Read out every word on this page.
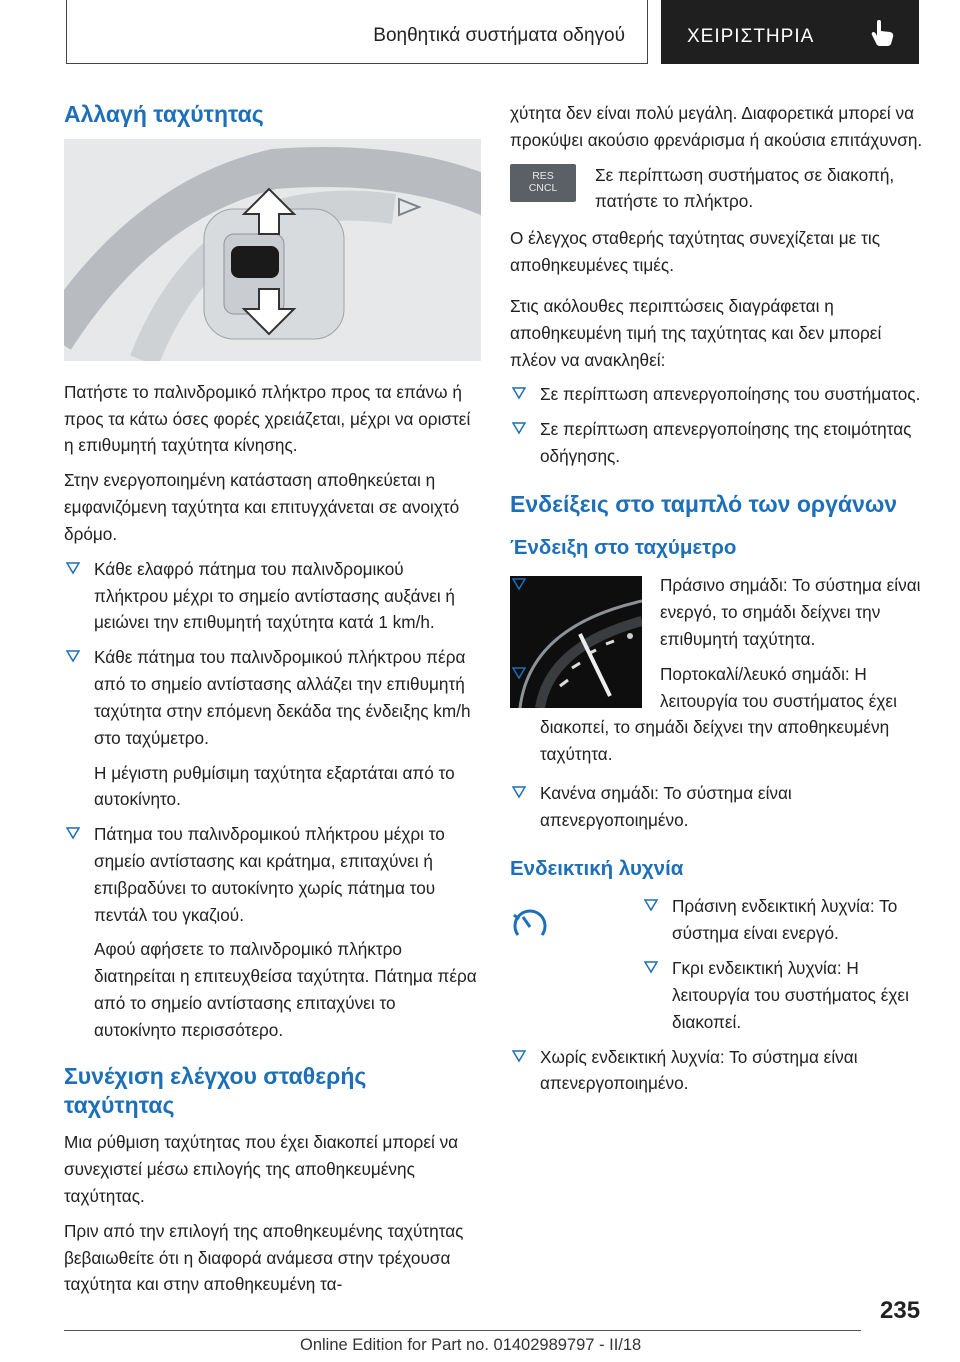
Βοηθητικά συστήματα οδηγού	ΧΕΙΡΙΣΤΗΡΙΑ
Αλλαγή ταχύτητας

Πατήστε το παλινδρομικό πλήκτρο προς τα επάνω ή προς τα κάτω όσες φορές χρειάζεται, μέχρι να οριστεί η επιθυμητή ταχύτητα κίνησης.

Στην ενεργοποιημένη κατάσταση αποθηκεύεται η εμφανιζόμενη ταχύτητα και επιτυγχάνεται σε ανοιχτό δρόμο.

Κάθε ελαφρό πάτημα του παλινδρομικού πλήκτρου μέχρι το σημείο αντίστασης αυξάνει ή μειώνει την επιθυμητή ταχύτητα κατά 1 km/h.
Κάθε πάτημα του παλινδρομικού πλήκτρου πέρα από το σημείο αντίστασης αλλάζει την επιθυμητή ταχύτητα στην επόμενη δεκάδα της ένδειξης km/h στο ταχύμετρο.

Η μέγιστη ρυθμίσιμη ταχύτητα εξαρτάται από το αυτοκίνητο.

Πάτημα του παλινδρομικού πλήκτρου μέχρι το σημείο αντίστασης και κράτημα, επιταχύνει ή επιβραδύνει το αυτοκίνητο χωρίς πάτημα του πεντάλ του γκαζιού.

Αφού αφήσετε το παλινδρομικό πλήκτρο διατηρείται η επιτευχθείσα ταχύτητα. Πάτημα πέρα από το σημείο αντίστασης επιταχύνει το αυτοκίνητο περισσότερο.

Συνέχιση ελέγχου σταθερής ταχύτητας

Μια ρύθμιση ταχύτητας που έχει διακοπεί μπορεί να συνεχιστεί μέσω επιλογής της αποθηκευμένης ταχύτητας.

Πριν από την επιλογή της αποθηκευμένης ταχύτητας βεβαιωθείτε ότι η διαφορά ανάμεσα στην τρέχουσα ταχύτητα και στην αποθηκευμένη τα-

χύτητα δεν είναι πολύ μεγάλη. Διαφορετικά μπορεί να προκύψει ακούσιο φρενάρισμα ή ακούσια επιτάχυνση.

RES
CNCL
Σε περίπτωση συστήματος σε διακοπή, πατήστε το πλήκτρο.

Ο έλεγχος σταθερής ταχύτητας συνεχίζεται με τις αποθηκευμένες τιμές.

Στις ακόλουθες περιπτώσεις διαγράφεται η αποθηκευμένη τιμή της ταχύτητας και δεν μπορεί πλέον να ανακληθεί:

Σε περίπτωση απενεργοποίησης του συστήματος.
Σε περίπτωση απενεργοποίησης της ετοιμότητας οδήγησης.
Ενδείξεις στο ταμπλό των οργάνων
Ένδειξη στο ταχύμετρο
Πράσινο σημάδι: Το σύστημα είναι ενεργό, το σημάδι δείχνει την επιθυμητή ταχύτητα.
Πορτοκαλί/λευκό σημάδι: Η λειτουργία του συστήματος έχει διακοπεί, το σημάδι δείχνει την αποθηκευμένη ταχύτητα.
Κανένα σημάδι: Το σύστημα είναι απενεργοποιημένο.
Ενδεικτική λυχνία
Πράσινη ενδεικτική λυχνία: Το σύστημα είναι ενεργό.
Γκρι ενδεικτική λυχνία: Η λειτουργία του συστήματος έχει διακοπεί.
Χωρίς ενδεικτική λυχνία: Το σύστημα είναι απενεργοποιημένο.
235
Online Edition for Part no. 01402989797 - II/18
